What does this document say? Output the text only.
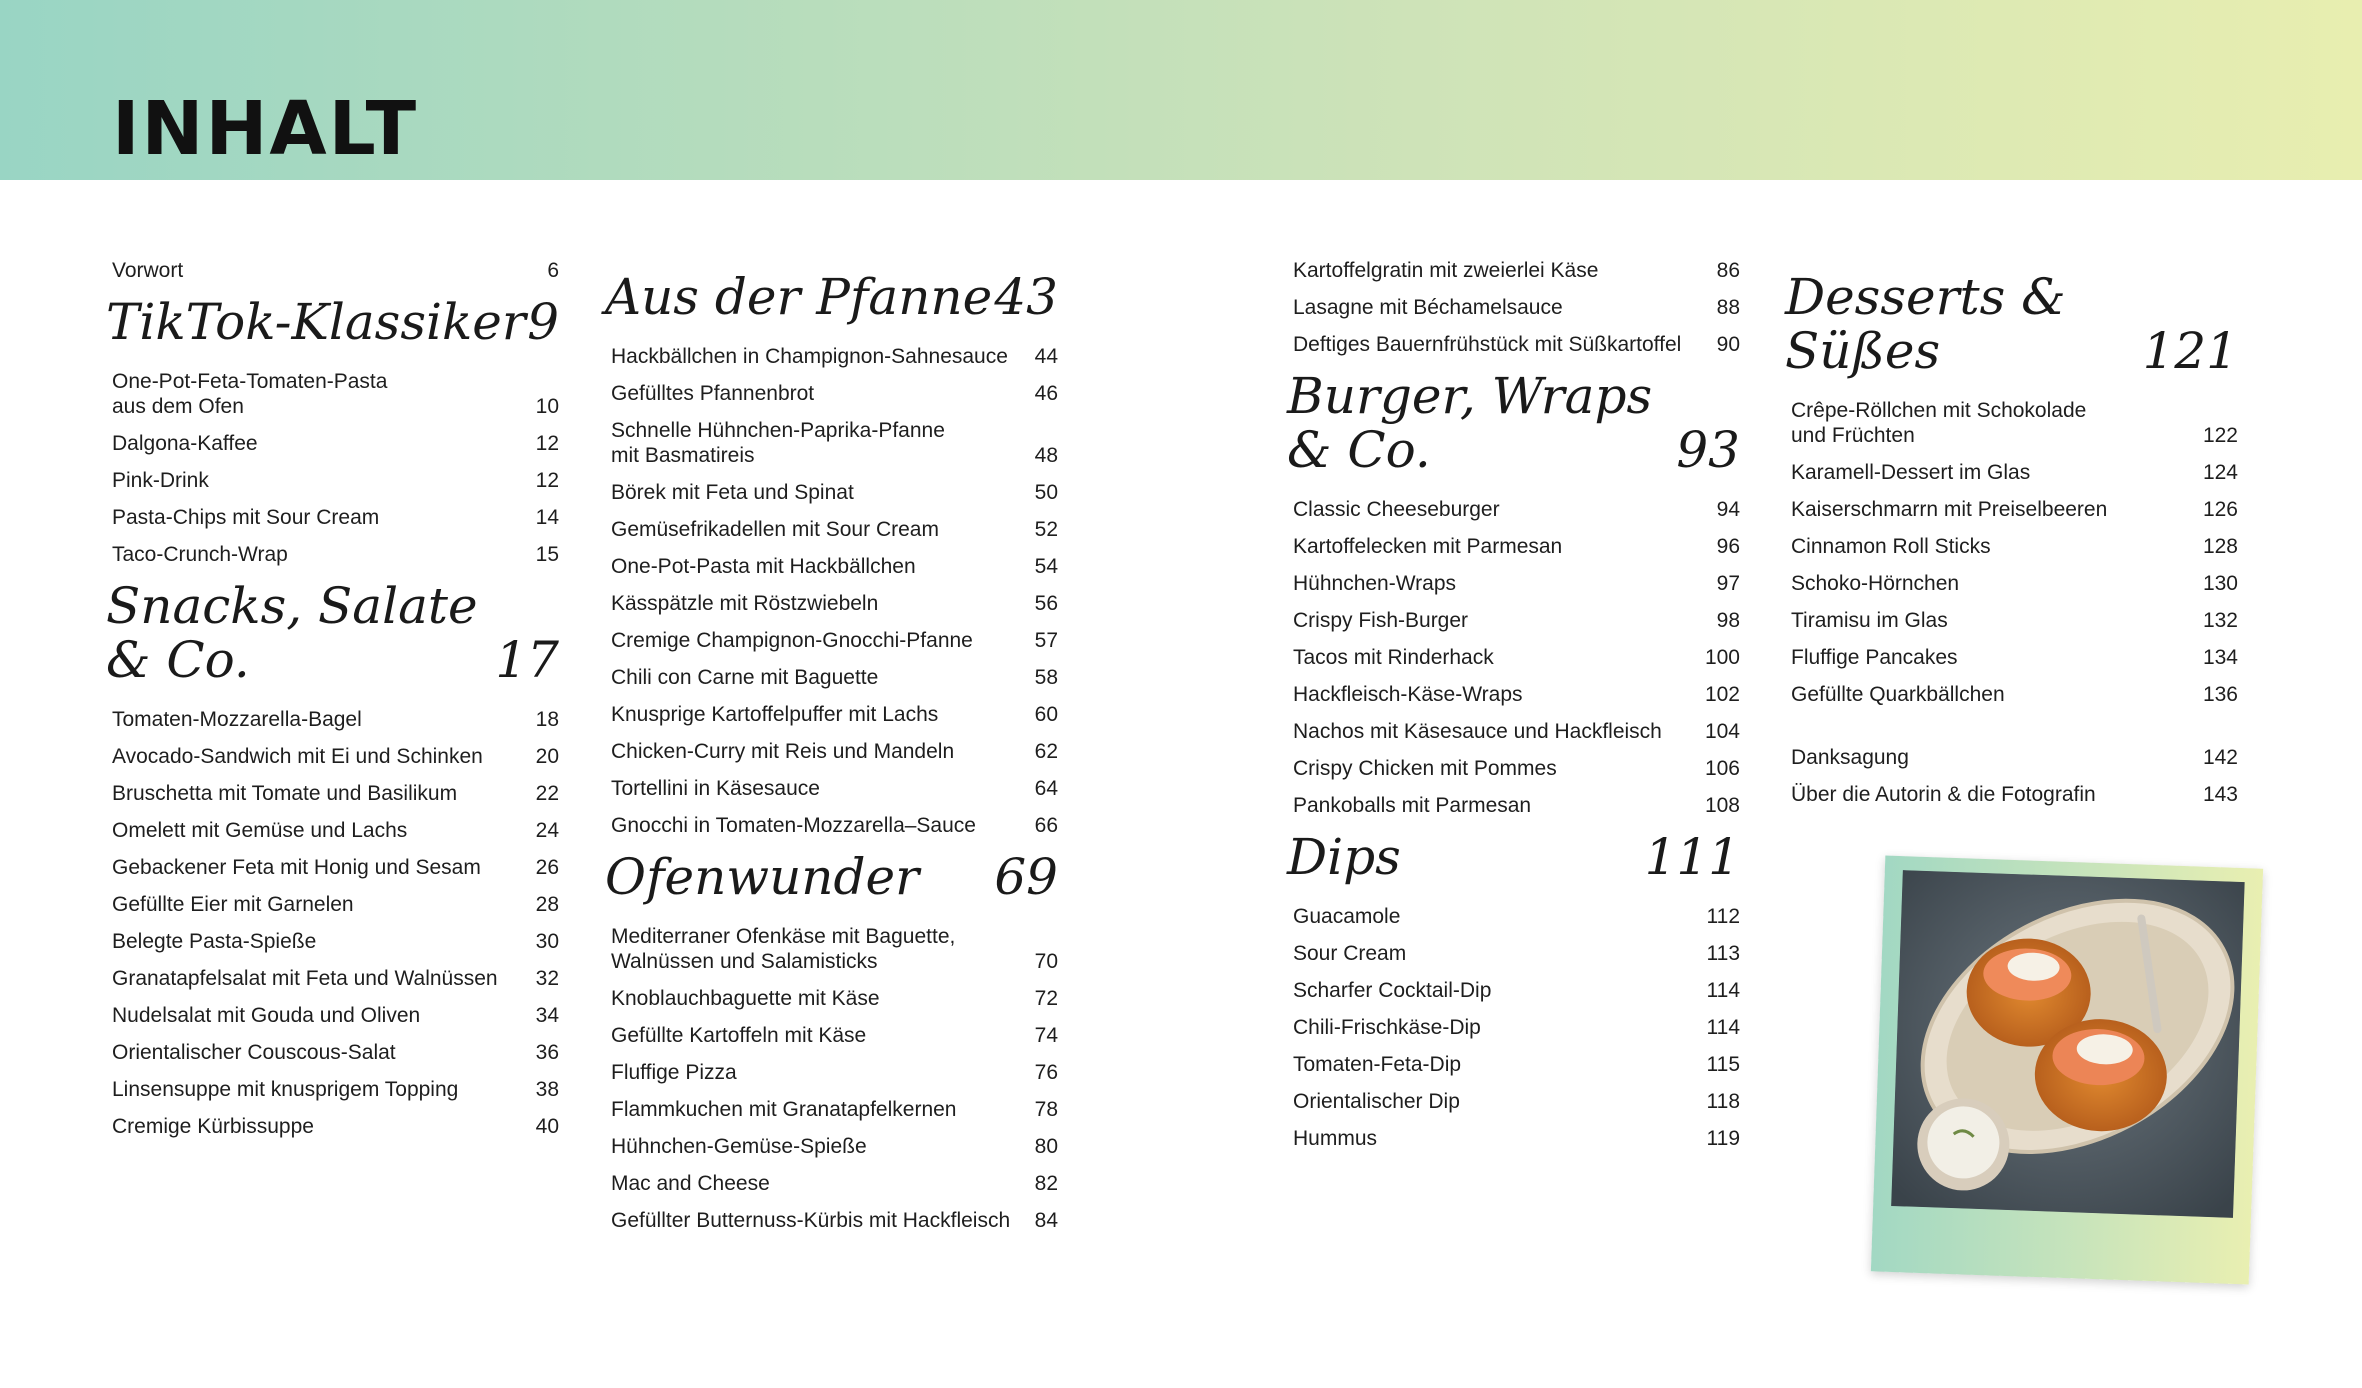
INHALT
Vorwort	6
TikTok-Klassiker 9
One-Pot-Feta-Tomaten-Pasta
aus dem Ofen	10
Dalgona-Kaffee	12
Pink-Drink	12
Pasta-Chips mit Sour Cream	14
Taco-Crunch-Wrap	15
Snacks, Salate
& Co.	17
Tomaten-Mozzarella-Bagel	18
Avocado-Sandwich mit Ei und Schinken	20
Bruschetta mit Tomate und Basilikum	22
Omelett mit Gemüse und Lachs	24
Gebackener Feta mit Honig und Sesam	26
Gefüllte Eier mit Garnelen	28
Belegte Pasta-Spieße	30
Granatapfelsalat mit Feta und Walnüssen	32
Nudelsalat mit Gouda und Oliven	34
Orientalischer Couscous-Salat	36
Linsensuppe mit knusprigem Topping	38
Cremige Kürbissuppe	40
Aus der Pfanne 43
Hackbällchen in Champignon-Sahnesauce	44
Gefülltes Pfannenbrot	46
Schnelle Hühnchen-Paprika-Pfanne
mit Basmatireis	48
Börek mit Feta und Spinat	50
Gemüsefrikadellen mit Sour Cream	52
One-Pot-Pasta mit Hackbällchen	54
Kässpätzle mit Röstzwiebeln	56
Cremige Champignon-Gnocchi-Pfanne	57
Chili con Carne mit Baguette	58
Knusprige Kartoffelpuffer mit Lachs	60
Chicken-Curry mit Reis und Mandeln	62
Tortellini in Käsesauce	64
Gnocchi in Tomaten-Mozzarella–Sauce	66
Ofenwunder 69
Mediterraner Ofenkäse mit Baguette,
Walnüssen und Salamisticks	70
Knoblauchbaguette mit Käse	72
Gefüllte Kartoffeln mit Käse	74
Fluffige Pizza	76
Flammkuchen mit Granatapfelkernen	78
Hühnchen-Gemüse-Spieße	80
Mac and Cheese	82
Gefüllter Butternuss-Kürbis mit Hackfleisch	84
Kartoffelgratin mit zweierlei Käse	86
Lasagne mit Béchamelsauce	88
Deftiges Bauernfrühstück mit Süßkartoffel	90
Burger, Wraps
& Co.	93
Classic Cheeseburger	94
Kartoffelecken mit Parmesan	96
Hühnchen-Wraps	97
Crispy Fish-Burger	98
Tacos mit Rinderhack	100
Hackfleisch-Käse-Wraps	102
Nachos mit Käsesauce und Hackfleisch	104
Crispy Chicken mit Pommes	106
Pankoballs mit Parmesan	108
Dips	111
Guacamole	112
Sour Cream	113
Scharfer Cocktail-Dip	114
Chili-Frischkäse-Dip	114
Tomaten-Feta-Dip	115
Orientalischer Dip	118
Hummus	119
Desserts & Süßes	121
Crêpe-Röllchen mit Schokolade
und Früchten	122
Karamell-Dessert im Glas	124
Kaiserschmarrn mit Preiselbeeren	126
Cinnamon Roll Sticks	128
Schoko-Hörnchen	130
Tiramisu im Glas	132
Fluffige Pancakes	134
Gefüllte Quarkbällchen	136
Danksagung	142
Über die Autorin & die Fotografin	143
